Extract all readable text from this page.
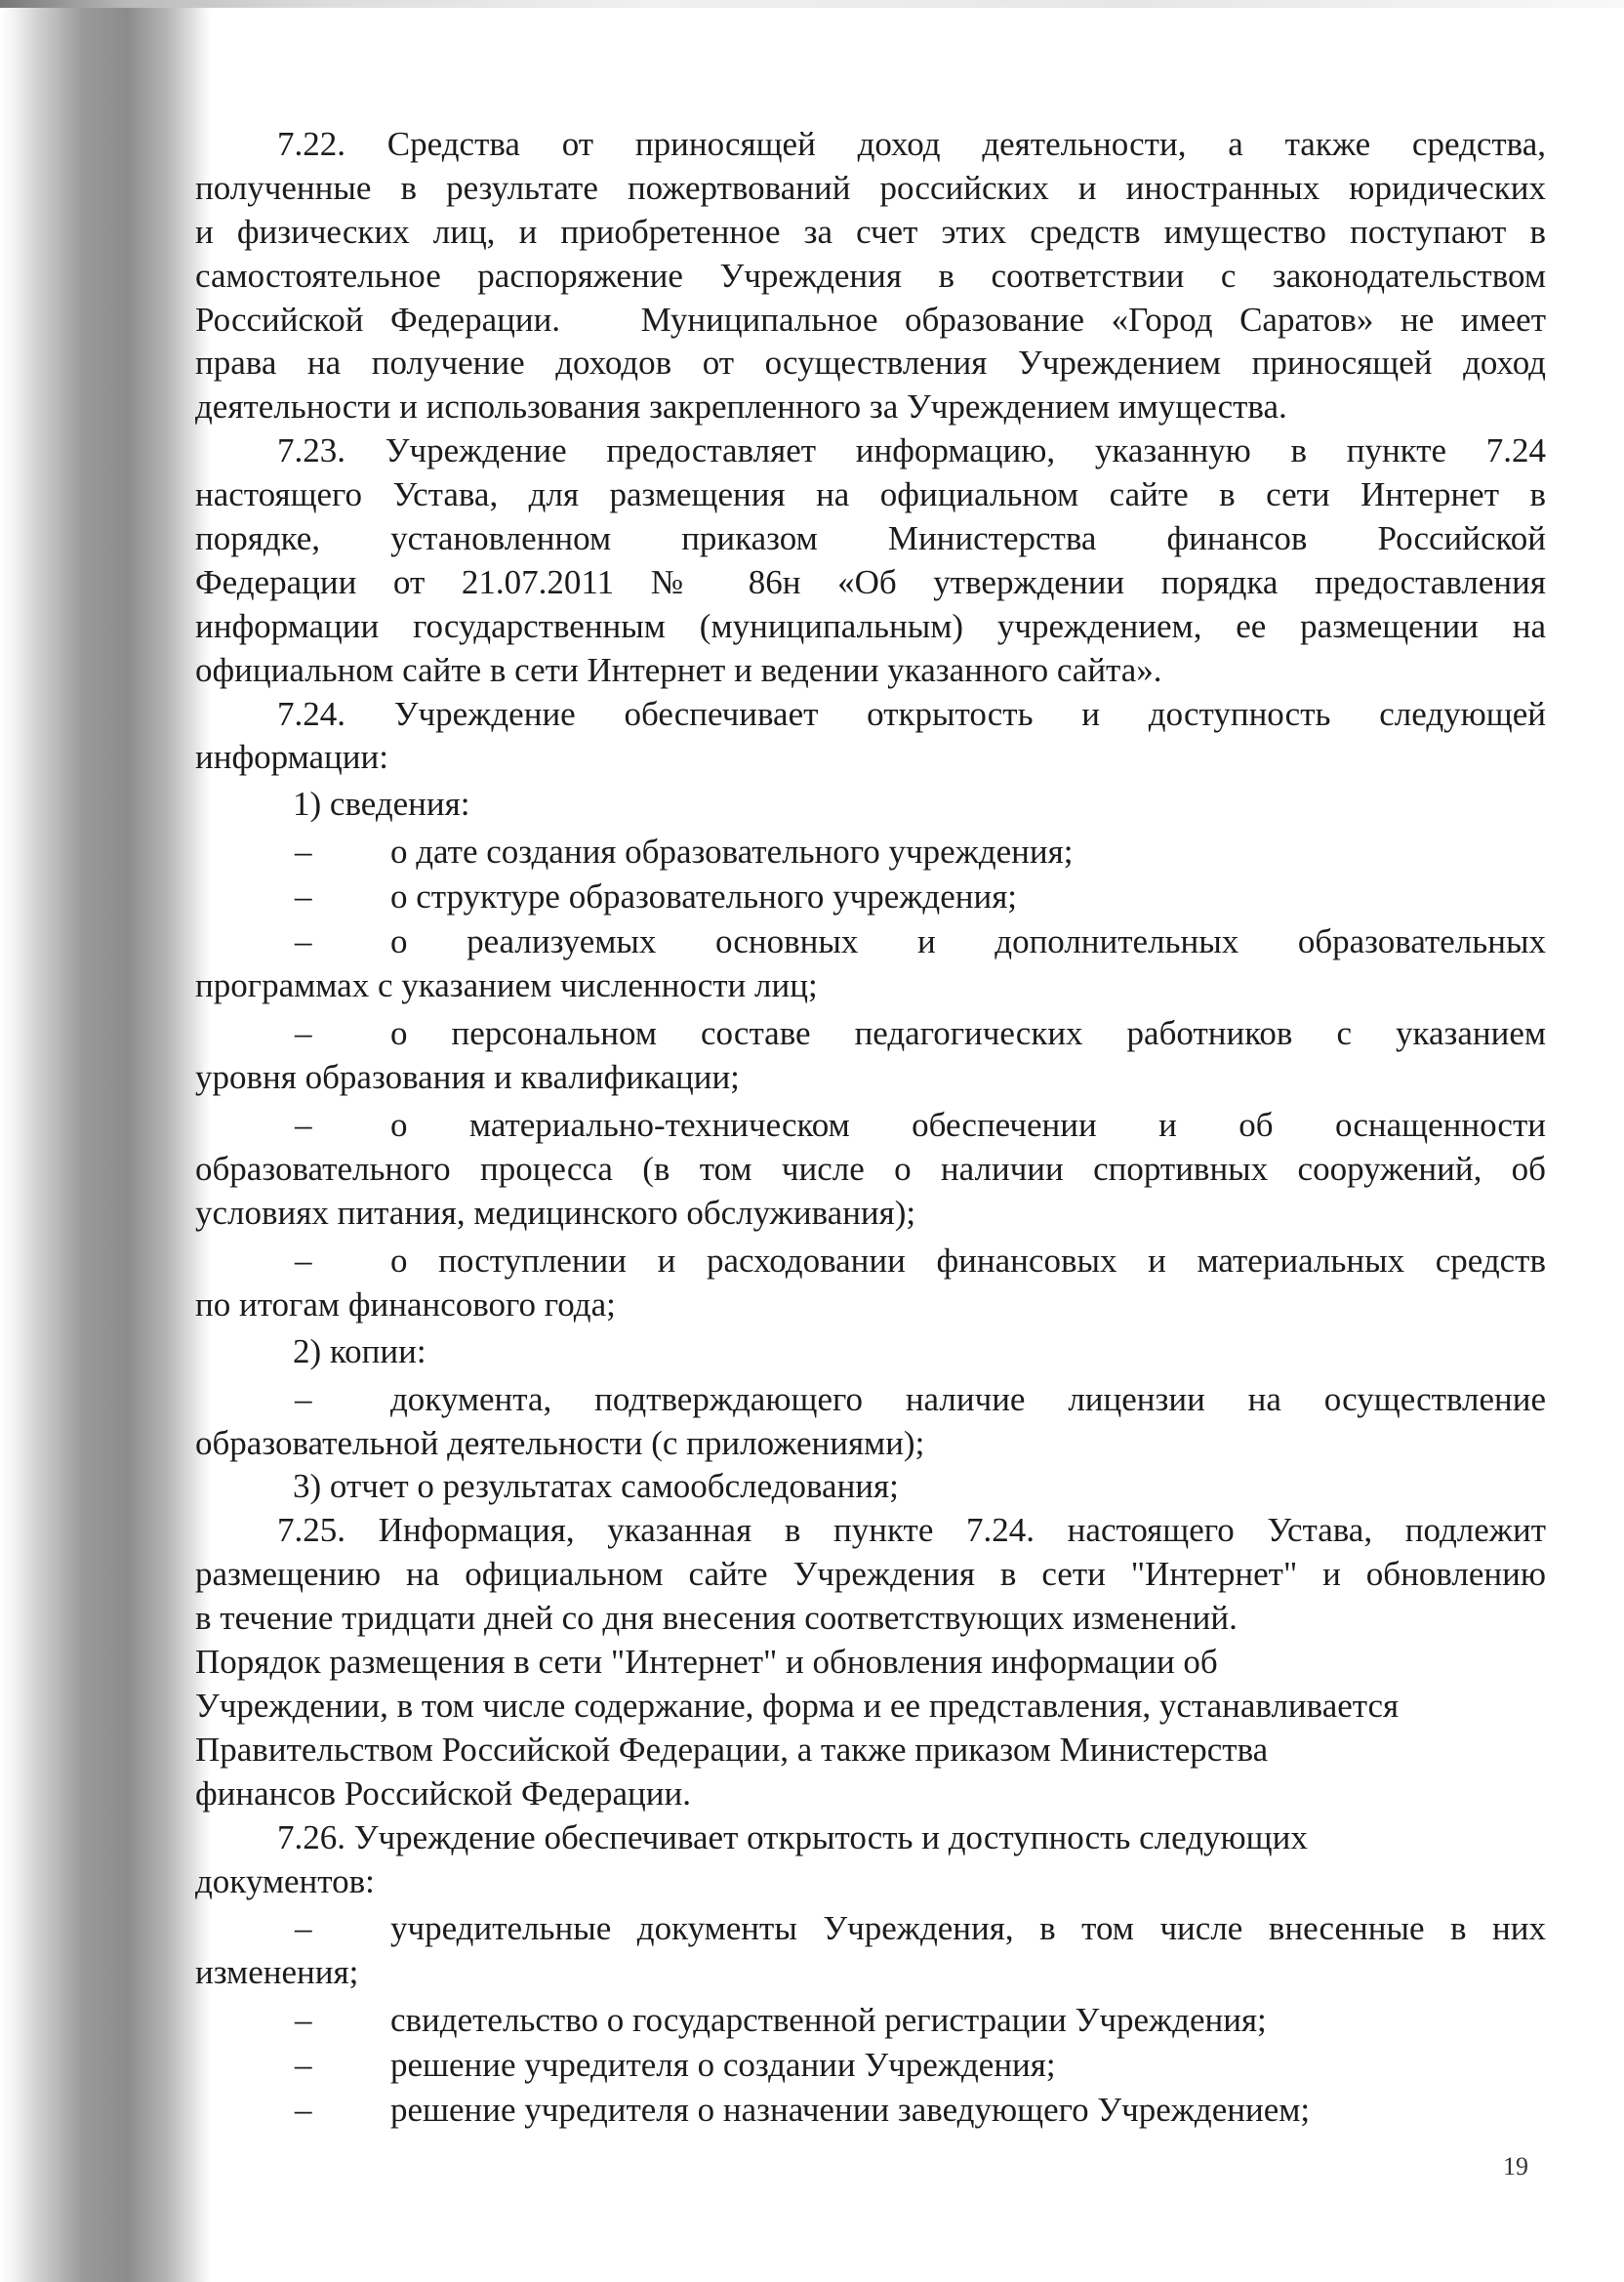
7.22. Средства от приносящей доход деятельности, а также средства,
полученные в результате пожертвований российских и иностранных юридических
и физических лиц, и приобретенное за счет этих средств имущество поступают в
самостоятельное распоряжение Учреждения в соответствии с законодательством
Российской Федерации.   Муниципальное образование «Город Саратов» не имеет
права на получение доходов от осуществления Учреждением приносящей доход
деятельности и использования закрепленного за Учреждением имущества.
7.23. Учреждение предоставляет информацию, указанную в пункте 7.24
настоящего Устава, для размещения на официальном сайте в сети Интернет в
порядке, установленном приказом Министерства финансов Российской
Федерации от 21.07.2011 № 86н «Об утверждении порядка предоставления
информации государственным (муниципальным) учреждением, ее размещении на
официальном сайте в сети Интернет и ведении указанного сайта».
7.24. Учреждение обеспечивает открытость и доступность следующей
информации:
1) сведения:
–	о дате создания образовательного учреждения;
–	о структуре образовательного учреждения;
–	о реализуемых основных и дополнительных образовательных
программах с указанием численности лиц;
–	о персональном составе педагогических работников с указанием
уровня образования и квалификации;
–	о материально-техническом обеспечении и об оснащенности
образовательного процесса (в том числе о наличии спортивных сооружений, об
условиях питания, медицинского обслуживания);
–	о поступлении и расходовании финансовых и материальных средств
по итогам финансового года;
2) копии:
–	документа, подтверждающего наличие лицензии на осуществление
образовательной деятельности (с приложениями);
3) отчет о результатах самообследования;
7.25. Информация, указанная в пункте 7.24. настоящего Устава, подлежит
размещению на официальном сайте Учреждения в сети "Интернет" и обновлению
в течение тридцати дней со дня внесения соответствующих изменений.
Порядок размещения в сети "Интернет" и обновления информации об
Учреждении, в том числе содержание, форма и ее представления, устанавливается
Правительством Российской Федерации, а также приказом Министерства
финансов Российской Федерации.
7.26. Учреждение обеспечивает открытость и доступность следующих
документов:
–	учредительные документы Учреждения, в том числе внесенные в них
изменения;
–	свидетельство о государственной регистрации Учреждения;
–	решение учредителя о создании Учреждения;
–	решение учредителя о назначении заведующего Учреждением;
19
